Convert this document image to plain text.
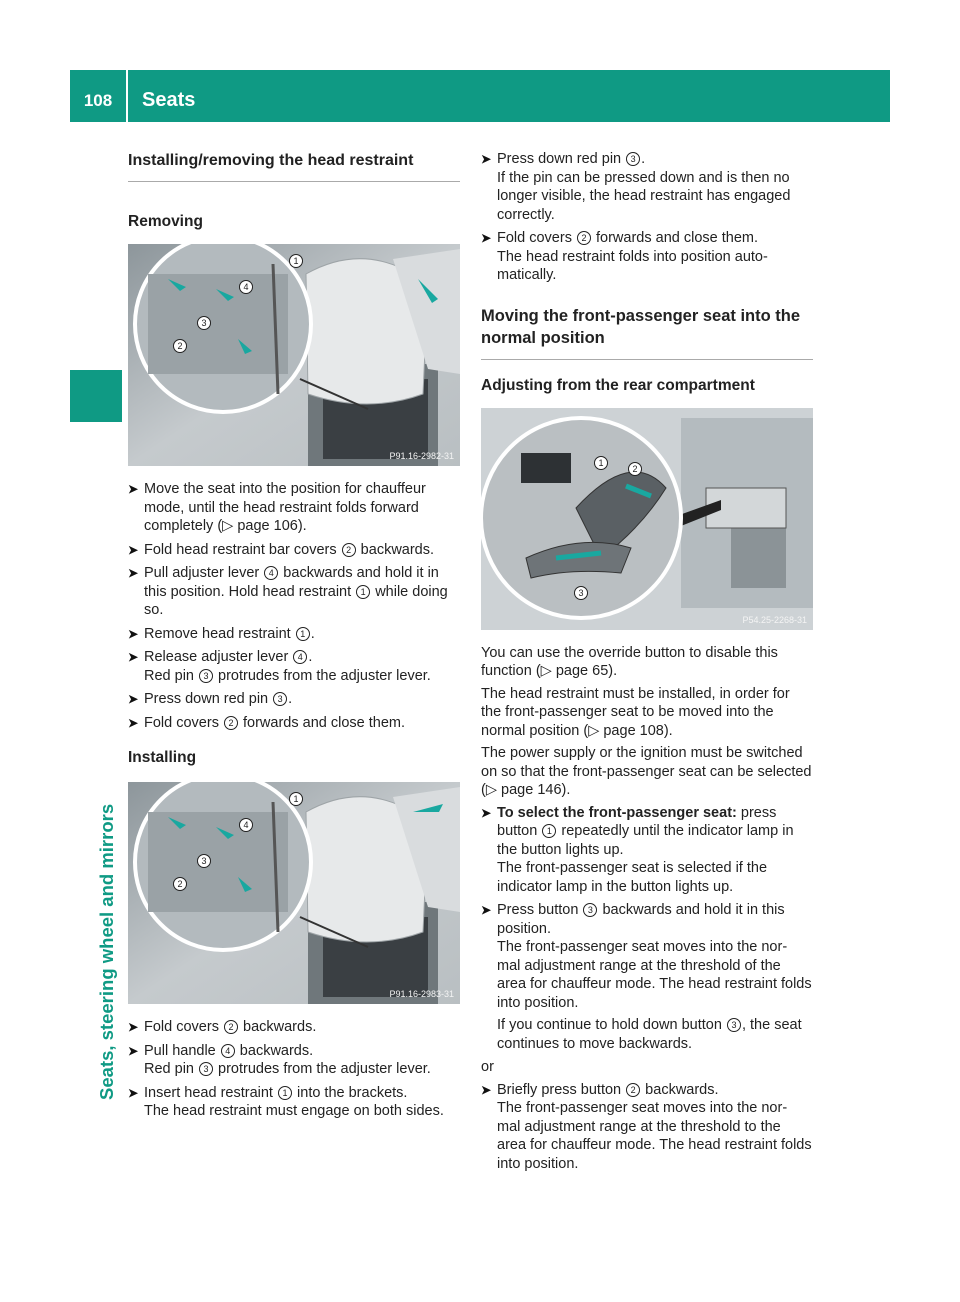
108	Seats
Seats, steering wheel and mirrors
Installing/removing the head restraint
Removing
P91.16-2982-31
1
2
3
4
➤ Move the seat into the position for chauffeur mode, until the head restraint folds forward completely (▷ page 106).
➤ Fold head restraint bar covers 2 backwards.
➤ Pull adjuster lever 4 backwards and hold it in this position. Hold head restraint 1 while doing so.
➤ Remove head restraint 1 .
➤ Release adjuster lever 4 .
Red pin 3 protrudes from the adjuster lever.
➤ Press down red pin 3 .
➤ Fold covers 2 forwards and close them.
Installing
P91.16-2983-31
1
2
3
4
➤ Fold covers 2 backwards.
➤ Pull handle 4 backwards.
Red pin 3 protrudes from the adjuster lever.
➤ Insert head restraint 1 into the brackets.
The head restraint must engage on both sides.
➤ Press down red pin 3 .
If the pin can be pressed down and is then no longer visible, the head restraint has engaged correctly.
➤ Fold covers 2 forwards and close them.
The head restraint folds into position auto- matically.
Moving the front-passenger seat into the normal position
Adjusting from the rear compartment
P54.25-2268-31
1
2
3

You can use the override button to disable this function (▷ page 65).

The head restraint must be installed, in order for the front-passenger seat to be moved into the normal position (▷ page 108).

The power supply or the ignition must be switched on so that the front-passenger seat can be selected (▷ page 146).

➤ To select the front-passenger seat: press button 1 repeatedly until the indicator lamp in the button lights up.
The front-passenger seat is selected if the indicator lamp in the button lights up.
➤ Press button 3 backwards and hold it in this position.
The front-passenger seat moves into the nor- mal adjustment range at the threshold of the area for chauffeur mode. The head restraint folds into position.
If you continue to hold down button 3 , the seat continues to move backwards.

or

➤ Briefly press button 2 backwards.
The front-passenger seat moves into the nor- mal adjustment range at the threshold to the area for chauffeur mode. The head restraint folds into position.
